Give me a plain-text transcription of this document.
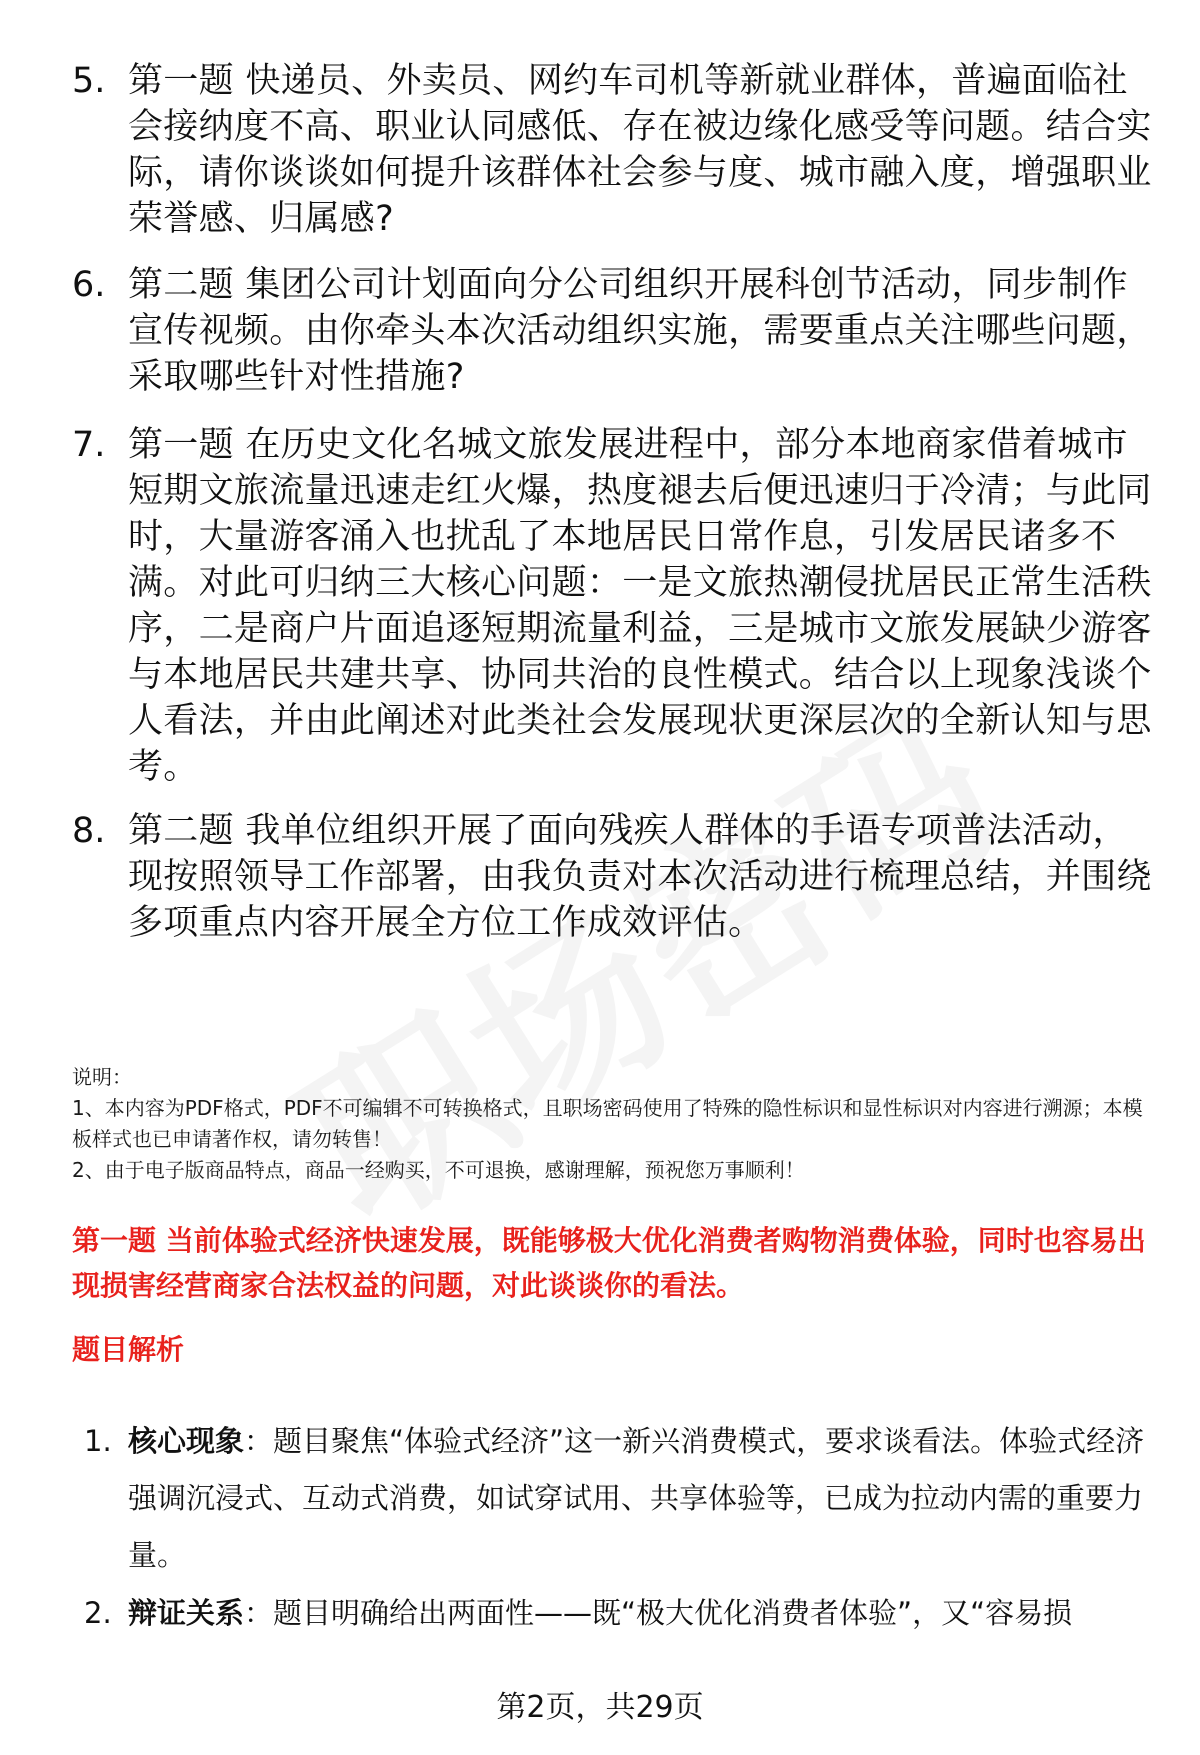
5. 第一题 快递员、外卖员、网约车司机等新就业群体，普遍面临社会接纳度不高、职业认同感低、存在被边缘化感受等问题。结合实际，请你谈谈如何提升该群体社会参与度、城市融入度，增强职业荣誉感、归属感?
6. 第二题 集团公司计划面向分公司组织开展科创节活动，同步制作宣传视频。由你牵头本次活动组织实施，需要重点关注哪些问题，采取哪些针对性措施?
7. 第一题 在历史文化名城文旅发展进程中，部分本地商家借着城市短期文旅流量迅速走红火爆，热度褪去后便迅速归于冷清；与此同时，大量游客涌入也扰乱了本地居民日常作息，引发居民诸多不满。对此可归纳三大核心问题：一是文旅热潮侵扰居民正常生活秩序，二是商户片面追逐短期流量利益，三是城市文旅发展缺少游客与本地居民共建共享、协同共治的良性模式。结合以上现象浅谈个人看法，并由此阐述对此类社会发展现状更深层次的全新认知与思考。
8. 第二题 我单位组织开展了面向残疾人群体的手语专项普法活动，现按照领导工作部署，由我负责对本次活动进行梳理总结，并围绕多项重点内容开展全方位工作成效评估。

说明：

1、本内容为PDF格式，PDF不可编辑不可转换格式，且职场密码使用了特殊的隐性标识和显性标识对内容进行溯源；本模板样式也已申请著作权，请勿转售！

2、由于电子版商品特点，商品一经购买，不可退换，感谢理解，预祝您万事顺利！

第一题 当前体验式经济快速发展，既能够极大优化消费者购物消费体验，同时也容易出现损害经营商家合法权益的问题，对此谈谈你的看法。
题目解析
1. 核心现象：题目聚焦“体验式经济”这一新兴消费模式，要求谈看法。体验式经济强调沉浸式、互动式消费，如试穿试用、共享体验等，已成为拉动内需的重要力量。
2. 辩证关系：题目明确给出两面性——既“极大优化消费者体验”，又“容易损
第2页，共29页
